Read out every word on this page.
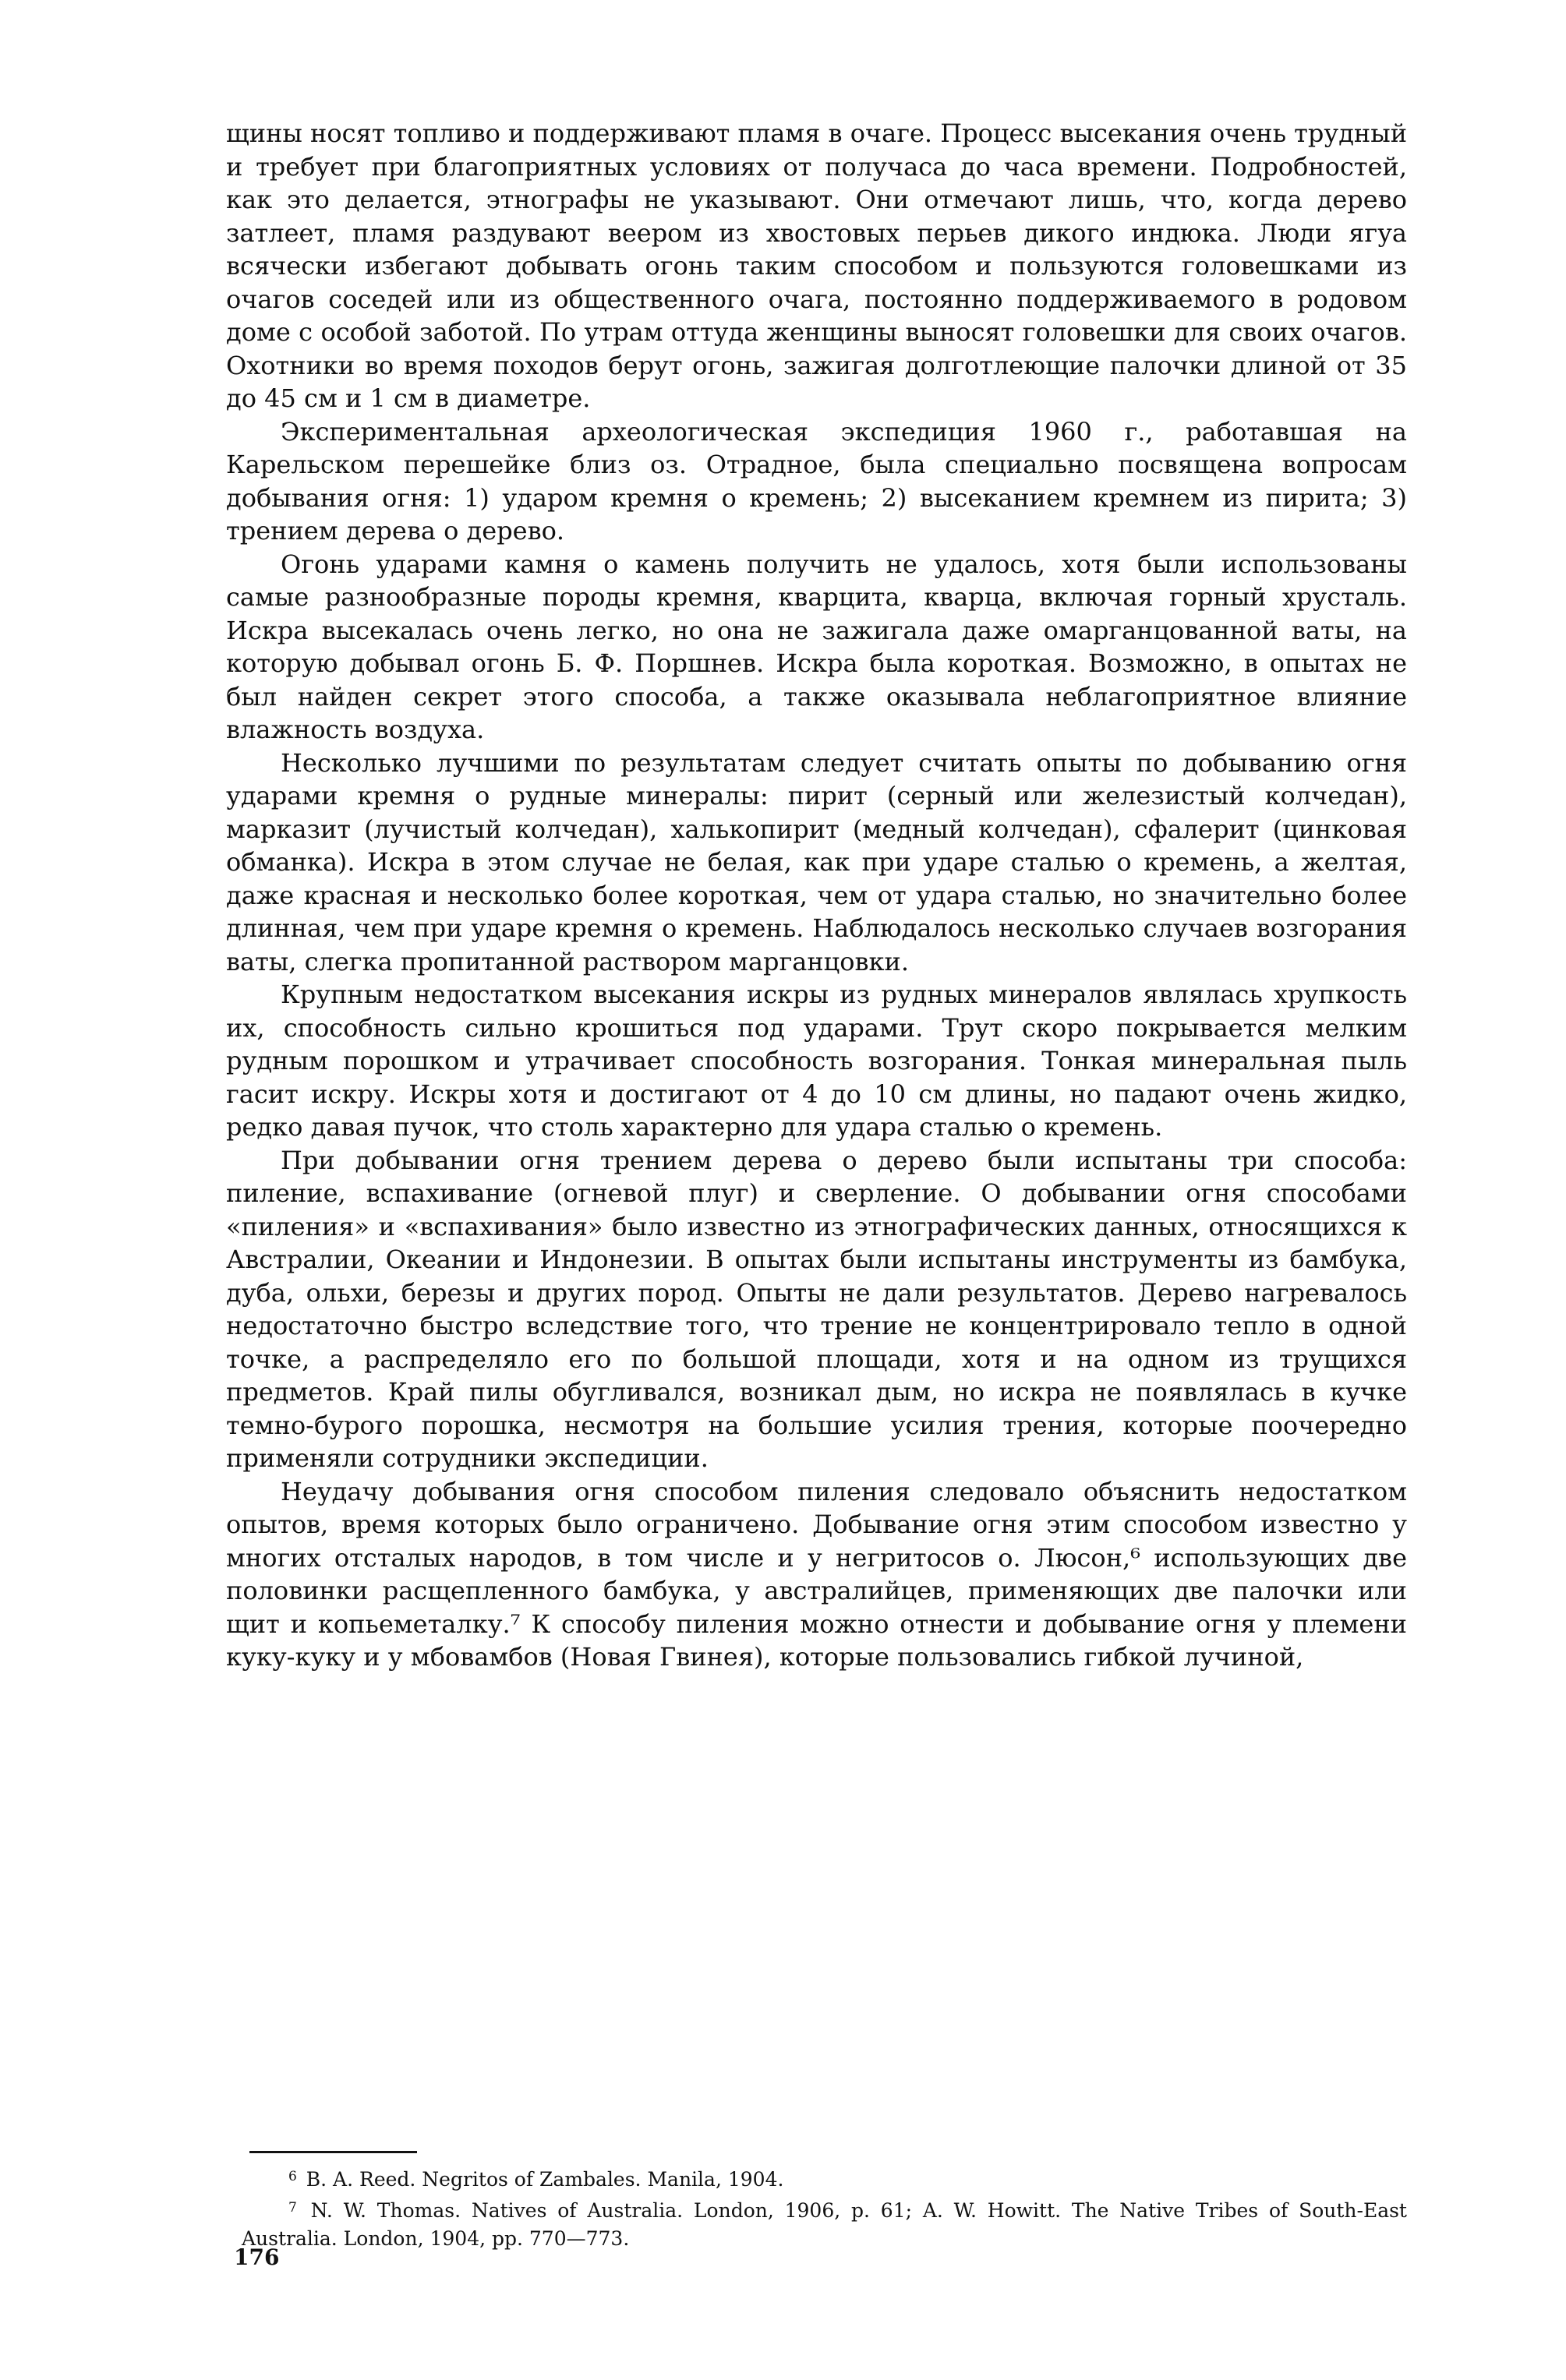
щины носят топливо и поддерживают пламя в очаге. Процесс высекания очень трудный и требует при благоприятных условиях от получаса до часа времени. Подробностей, как это делается, этнографы не указывают. Они отмечают лишь, что, когда дерево затлеет, пламя раздувают веером из хвостовых перьев дикого индюка. Люди ягуа всячески избегают добывать огонь таким способом и пользуются головешками из очагов соседей или из общественного очага, постоянно поддерживаемого в родовом доме с особой заботой. По утрам оттуда женщины выносят головешки для своих очагов. Охотники во время походов берут огонь, зажигая долготлеющие палочки длиной от 35 до 45 см и 1 см в диаметре.

Экспериментальная археологическая экспедиция 1960 г., работавшая на Карельском перешейке близ оз. Отрадное, была специально посвящена вопросам добывания огня: 1) ударом кремня о кремень; 2) высеканием кремнем из пирита; 3) трением дерева о дерево.

Огонь ударами камня о камень получить не удалось, хотя были использованы самые разнообразные породы кремня, кварцита, кварца, включая горный хрусталь. Искра высекалась очень легко, но она не зажигала даже омарганцованной ваты, на которую добывал огонь Б. Ф. Поршнев. Искра была короткая. Возможно, в опытах не был найден секрет этого способа, а также оказывала неблагоприятное влияние влажность воздуха.

Несколько лучшими по результатам следует считать опыты по добыванию огня ударами кремня о рудные минералы: пирит (серный или железистый колчедан), марказит (лучистый колчедан), халькопирит (медный колчедан), сфалерит (цинковая обманка). Искра в этом случае не белая, как при ударе сталью о кремень, а желтая, даже красная и несколько более короткая, чем от удара сталью, но значительно более длинная, чем при ударе кремня о кремень. Наблюдалось несколько случаев возгорания ваты, слегка пропитанной раствором марганцовки.

Крупным недостатком высекания искры из рудных минералов являлась хрупкость их, способность сильно крошиться под ударами. Трут скоро покрывается мелким рудным порошком и утрачивает способность возгорания. Тонкая минеральная пыль гасит искру. Искры хотя и достигают от 4 до 10 см длины, но падают очень жидко, редко давая пучок, что столь характерно для удара сталью о кремень.

При добывании огня трением дерева о дерево были испытаны три способа: пиление, вспахивание (огневой плуг) и сверление. О добывании огня способами «пиления» и «вспахивания» было известно из этнографических данных, относящихся к Австралии, Океании и Индонезии. В опытах были испытаны инструменты из бамбука, дуба, ольхи, березы и других пород. Опыты не дали результатов. Дерево нагревалось недостаточно быстро вследствие того, что трение не концентрировало тепло в одной точке, а распределяло его по большой площади, хотя и на одном из трущихся предметов. Край пилы обугливался, возникал дым, но искра не появлялась в кучке темно-бурого порошка, несмотря на большие усилия трения, которые поочередно применяли сотрудники экспедиции.

Неудачу добывания огня способом пиления следовало объяснить недостатком опытов, время которых было ограничено. Добывание огня этим способом известно у многих отсталых народов, в том числе и у негритосов о. Люсон,⁶ использующих две половинки расщепленного бамбука, у австралийцев, применяющих две палочки или щит и копьеметалку.⁷ К способу пиления можно отнести и добывание огня у племени куку-куку и у мбовамбов (Новая Гвинея), которые пользовались гибкой лучиной,

$^6$ B. A. Reed. Negritos of Zambales. Manila, 1904.

$^7$ N. W. Thomas. Natives of Australia. London, 1906, p. 61; A. W. Howitt. The Native Tribes of South-East Australia. London, 1904, pp. 770—773.

176
